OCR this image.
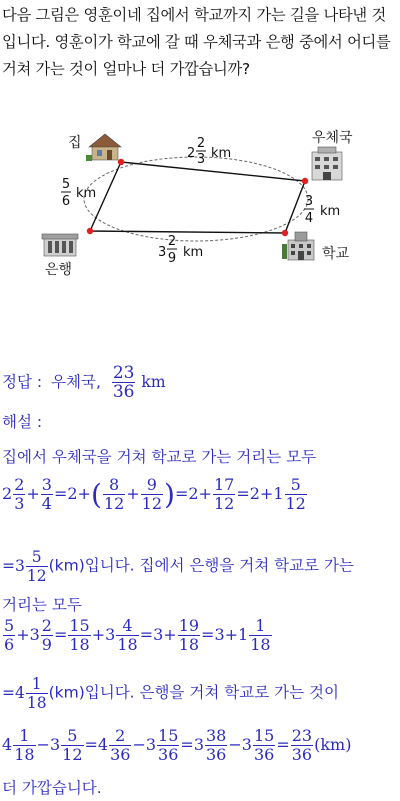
다음 그림은 영훈이네 집에서 학교까지 가는 길을 나타낸 것입니다. 영훈이가 학교에 갈 때 우체국과 은행 중에서 어디를 거쳐 가는 것이 얼마나 더 가깝습니까?
집	우체국
은행
학교
2
2
3 km
5
6
km
3
4 km
3
2
9 km
정답 : 우체국, $\frac{23}{36}$ km
해설 :
집에서 우체국을 거쳐 학교로 가는 거리는 모두
$2 \frac{2}{3} + \frac{3}{4} =2+( \frac{8}{12} + \frac{9}{12} )=2+ \frac{17}{12} =2+1 \frac{5}{12}$
$=3 \frac{5}{12} (km)$입니다. 집에서 은행을 거쳐 학교로 가는
거리는 모두
$\frac{5}{6} +3 \frac{2}{9} = \frac{15}{18} +3 \frac{4}{18} =3+ \frac{19}{18} =3+1 \frac{1}{18}$
$=4 \frac{1}{18} (km)$입니다. 은행을 거쳐 학교로 가는 것이
$4 \frac{1}{18} -3 \frac{5}{12} =4 \frac{2}{36} -3 \frac{15}{36} =3 \frac{38}{36} -3 \frac{15}{36} = \frac{23}{36} (km)$
더 가깝습니다.
